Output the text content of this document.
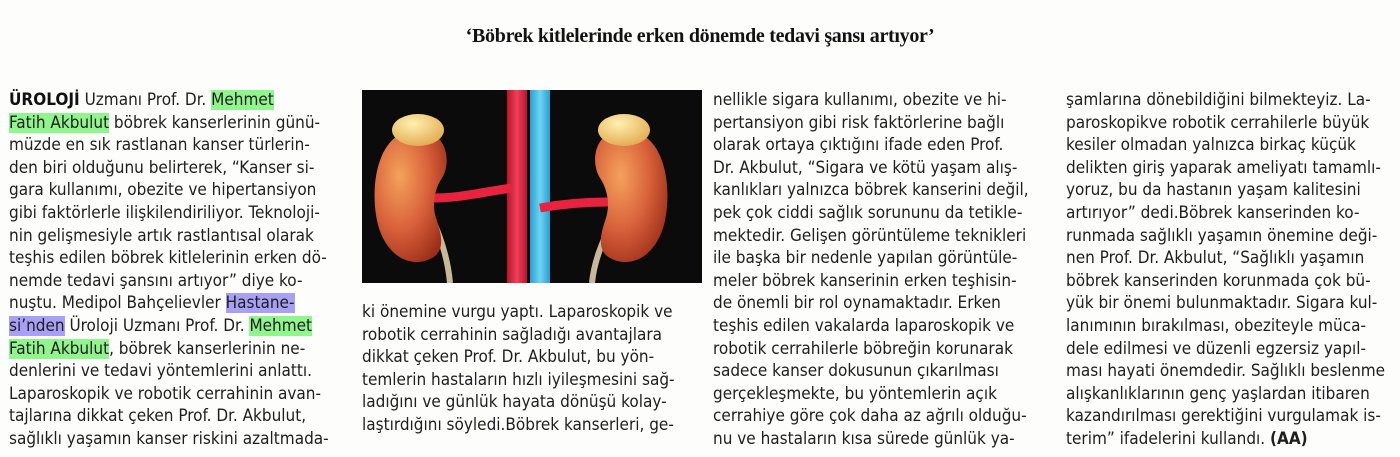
‘Böbrek kitlelerinde erken dönemde tedavi şansı artıyor’
ÜROLOJİ Uzmanı Prof. Dr. Mehmet
Fatih Akbulut böbrek kanserlerinin günü-
müzde en sık rastlanan kanser türlerin-
den biri olduğunu belirterek, “Kanser si-
gara kullanımı, obezite ve hipertansiyon
gibi faktörlerle ilişkilendiriliyor. Teknoloji-
nin gelişmesiyle artık rastlantısal olarak
teşhis edilen böbrek kitlelerinin erken dö-
nemde tedavi şansını artıyor” diye ko-
nuştu. Medipol Bahçelievler Hastane-
si’nden Üroloji Uzmanı Prof. Dr. Mehmet
Fatih Akbulut, böbrek kanserlerinin ne-
denlerini ve tedavi yöntemlerini anlattı.
Laparoskopik ve robotik cerrahinin avan-
tajlarına dikkat çeken Prof. Dr. Akbulut,
sağlıklı yaşamın kanser riskini azaltmada-
ki önemine vurgu yaptı. Laparoskopik ve
robotik cerrahinin sağladığı avantajlara
dikkat çeken Prof. Dr. Akbulut, bu yön-
temlerin hastaların hızlı iyileşmesini sağ-
ladığını ve günlük hayata dönüşü kolay-
laştırdığını söyledi.Böbrek kanserleri, ge-
nellikle sigara kullanımı, obezite ve hi-
pertansiyon gibi risk faktörlerine bağlı
olarak ortaya çıktığını ifade eden Prof.
Dr. Akbulut, “Sigara ve kötü yaşam alış-
kanlıkları yalnızca böbrek kanserini değil,
pek çok ciddi sağlık sorununu da tetikle-
mektedir. Gelişen görüntüleme teknikleri
ile başka bir nedenle yapılan görüntüle-
meler böbrek kanserinin erken teşhisin-
de önemli bir rol oynamaktadır. Erken
teşhis edilen vakalarda laparoskopik ve
robotik cerrahilerle böbreğin korunarak
sadece kanser dokusunun çıkarılması
gerçekleşmekte, bu yöntemlerin açık
cerrahiye göre çok daha az ağrılı olduğu-
nu ve hastaların kısa sürede günlük ya-
şamlarına dönebildiğini bilmekteyiz. La-
paroskopikve robotik cerrahilerle büyük
kesiler olmadan yalnızca birkaç küçük
delikten giriş yaparak ameliyatı tamamlı-
yoruz, bu da hastanın yaşam kalitesini
artırıyor” dedi.Böbrek kanserinden ko-
runmada sağlıklı yaşamın önemine deği-
nen Prof. Dr. Akbulut, “Sağlıklı yaşamın
böbrek kanserinden korunmada çok bü-
yük bir önemi bulunmaktadır. Sigara kul-
lanımının bırakılması, obeziteyle müca-
dele edilmesi ve düzenli egzersiz yapıl-
ması hayati önemdedir. Sağlıklı beslenme
alışkanlıklarının genç yaşlardan itibaren
kazandırılması gerektiğini vurgulamak is-
terim” ifadelerini kullandı. (AA)
